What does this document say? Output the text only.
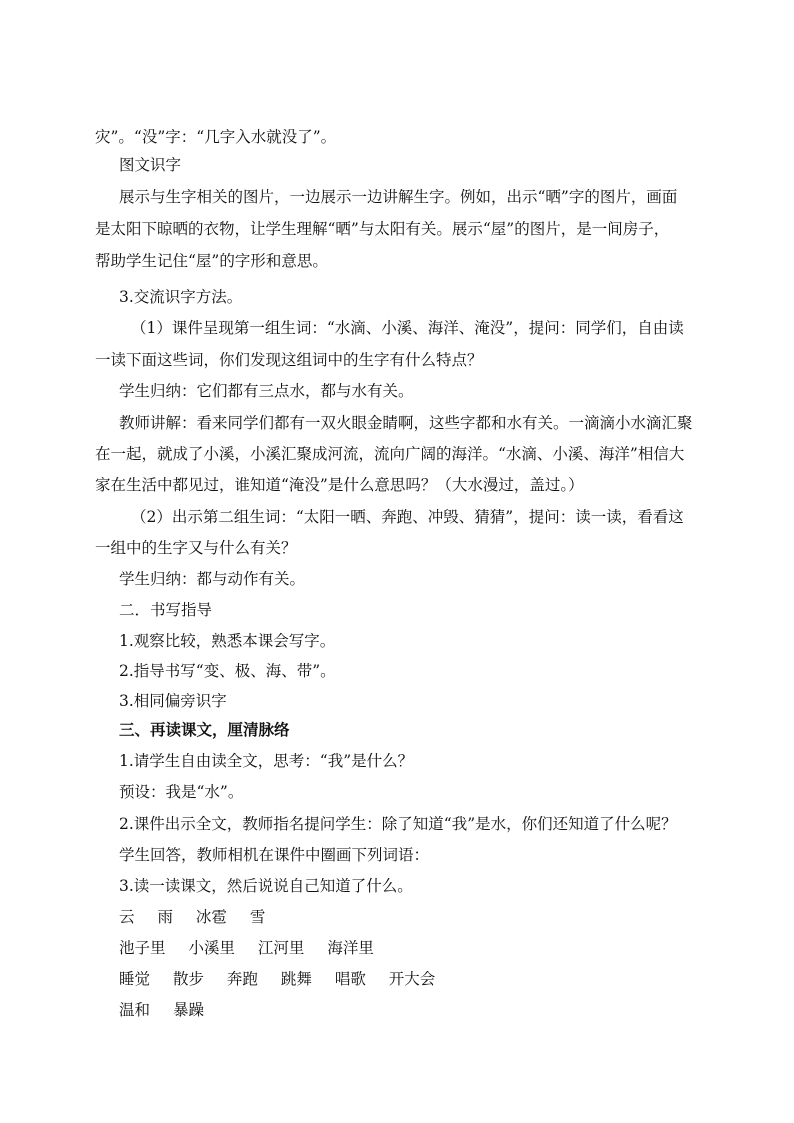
灾”。“没”字：“几字入水就没了”。
图文识字
展示与生字相关的图片，一边展示一边讲解生字。例如，出示“晒”字的图片，画面
是太阳下晾晒的衣物，让学生理解“晒”与太阳有关。展示“屋”的图片，是一间房子，
帮助学生记住“屋”的字形和意思。
3.交流识字方法。
（1）课件呈现第一组生词：“水滴、小溪、海洋、淹没”，提问：同学们，自由读
一读下面这些词，你们发现这组词中的生字有什么特点？
学生归纳：它们都有三点水，都与水有关。
教师讲解：看来同学们都有一双火眼金睛啊，这些字都和水有关。一滴滴小水滴汇聚
在一起，就成了小溪，小溪汇聚成河流，流向广阔的海洋。“水滴、小溪、海洋”相信大
家在生活中都见过，谁知道“淹没”是什么意思吗？（大水漫过，盖过。）
（2）出示第二组生词：“太阳一晒、奔跑、冲毁、猜猜”，提问：读一读，看看这
一组中的生字又与什么有关？
学生归纳：都与动作有关。
二．书写指导
1.观察比较，熟悉本课会写字。
2.指导书写“变、极、海、带”。
3.相同偏旁识字
三、再读课文，厘清脉络
1.请学生自由读全文，思考：“我”是什么？
预设：我是“水”。
2.课件出示全文，教师指名提问学生：除了知道“我”是水，你们还知道了什么呢？
学生回答，教师相机在课件中圈画下列词语：
3.读一读课文，然后说说自己知道了什么。
云 雨 冰雹 雪
池子里 小溪里 江河里 海洋里
睡觉 散步 奔跑 跳舞 唱歌 开大会
温和 暴躁
